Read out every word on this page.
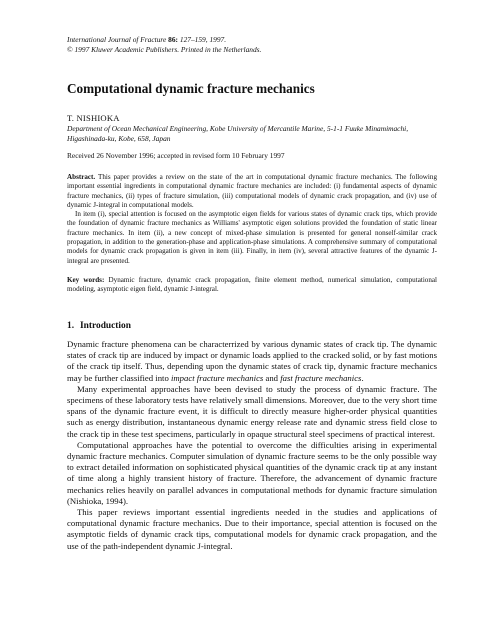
International Journal of Fracture 86: 127–159, 1997.
© 1997 Kluwer Academic Publishers. Printed in the Netherlands.
Computational dynamic fracture mechanics
T. NISHIOKA
Department of Ocean Mechanical Engineering, Kobe University of Mercantile Marine, 5-1-1 Fuuke Minamimachi, Higashinada-ku, Kobe, 658, Japan
Received 26 November 1996; accepted in revised form 10 February 1997

Abstract. This paper provides a review on the state of the art in computational dynamic fracture mechanics. The following important essential ingredients in computational dynamic fracture mechanics are included: (i) fundamental aspects of dynamic fracture mechanics, (ii) types of fracture simulation, (iii) computational models of dynamic crack propagation, and (iv) use of dynamic J-integral in computational models.

In item (i), special attention is focused on the asymptotic eigen fields for various states of dynamic crack tips, which provide the foundation of dynamic fracture mechanics as Williams' asymptotic eigen solutions provided the foundation of static linear fracture mechanics. In item (ii), a new concept of mixed-phase simulation is presented for general nonself-similar crack propagation, in addition to the generation-phase and application-phase simulations. A comprehensive summary of computational models for dynamic crack propagation is given in item (iii). Finally, in item (iv), several attractive features of the dynamic J-integral are presented.

Key words: Dynamic fracture, dynamic crack propagation, finite element method, numerical simulation, computational modeling, asymptotic eigen field, dynamic J-integral.
1. Introduction

Dynamic fracture phenomena can be characterrized by various dynamic states of crack tip. The dynamic states of crack tip are induced by impact or dynamic loads applied to the cracked solid, or by fast motions of the crack tip itself. Thus, depending upon the dynamic states of crack tip, dynamic fracture mechanics may be further classified into impact fracture mechanics and fast fracture mechanics.

Many experimental approaches have been devised to study the process of dynamic fracture. The specimens of these laboratory tests have relatively small dimensions. Moreover, due to the very short time spans of the dynamic fracture event, it is difficult to directly measure higher-order physical quantities such as energy distribution, instantaneous dynamic energy release rate and dynamic stress field close to the crack tip in these test specimens, particularly in opaque structural steel specimens of practical interest.

Computational approaches have the potential to overcome the difficulties arising in experimental dynamic fracture mechanics. Computer simulation of dynamic fracture seems to be the only possible way to extract detailed information on sophisticated physical quantities of the dynamic crack tip at any instant of time along a highly transient history of fracture. Therefore, the advancement of dynamic fracture mechanics relies heavily on parallel advances in computational methods for dynamic fracture simulation (Nishioka, 1994).

This paper reviews important essential ingredients needed in the studies and applications of computational dynamic fracture mechanics. Due to their importance, special attention is focused on the asymptotic fields of dynamic crack tips, computational models for dynamic crack propagation, and the use of the path-independent dynamic J-integral.
